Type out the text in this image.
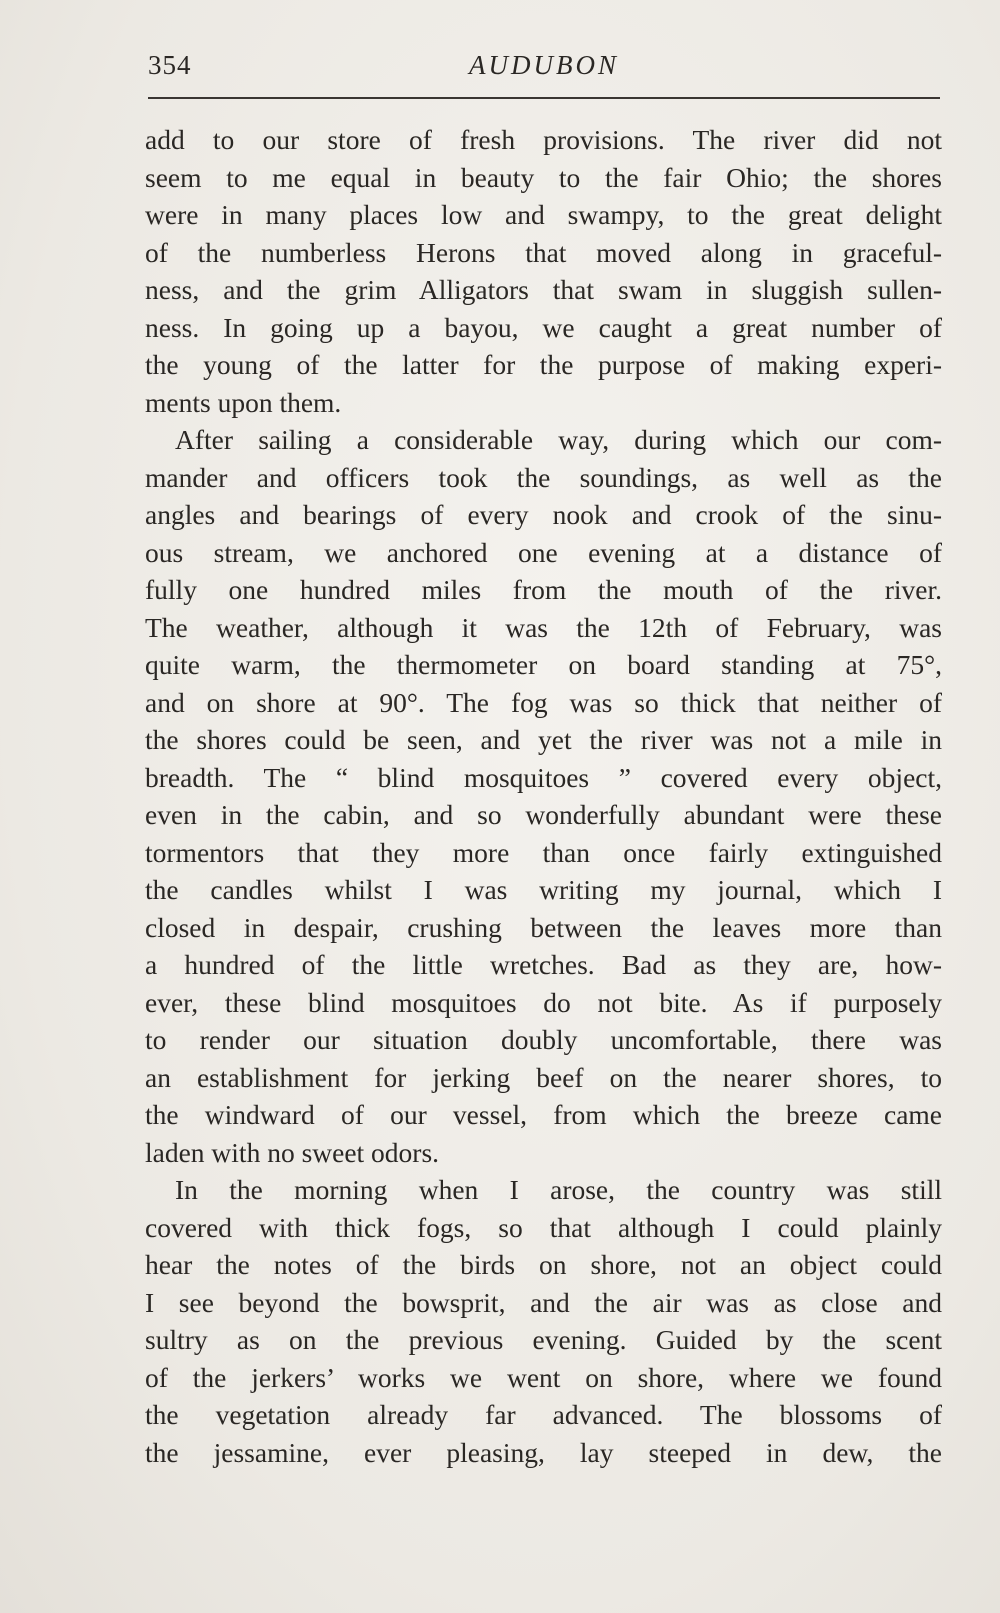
354	AUDUBON
add to our store of fresh provisions. The river did not
seem to me equal in beauty to the fair Ohio; the shores
were in many places low and swampy, to the great delight
of the numberless Herons that moved along in graceful-
ness, and the grim Alligators that swam in sluggish sullen-
ness. In going up a bayou, we caught a great number of
the young of the latter for the purpose of making experi-
ments upon them.
After sailing a considerable way, during which our com-
mander and officers took the soundings, as well as the
angles and bearings of every nook and crook of the sinu-
ous stream, we anchored one evening at a distance of
fully one hundred miles from the mouth of the river.
The weather, although it was the 12th of February, was
quite warm, the thermometer on board standing at 75°,
and on shore at 90°. The fog was so thick that neither of
the shores could be seen, and yet the river was not a mile in
breadth. The “ blind mosquitoes ” covered every object,
even in the cabin, and so wonderfully abundant were these
tormentors that they more than once fairly extinguished
the candles whilst I was writing my journal, which I
closed in despair, crushing between the leaves more than
a hundred of the little wretches. Bad as they are, how-
ever, these blind mosquitoes do not bite. As if purposely
to render our situation doubly uncomfortable, there was
an establishment for jerking beef on the nearer shores, to
the windward of our vessel, from which the breeze came
laden with no sweet odors.
In the morning when I arose, the country was still
covered with thick fogs, so that although I could plainly
hear the notes of the birds on shore, not an object could
I see beyond the bowsprit, and the air was as close and
sultry as on the previous evening. Guided by the scent
of the jerkers’ works we went on shore, where we found
the vegetation already far advanced. The blossoms of
the jessamine, ever pleasing, lay steeped in dew, the
